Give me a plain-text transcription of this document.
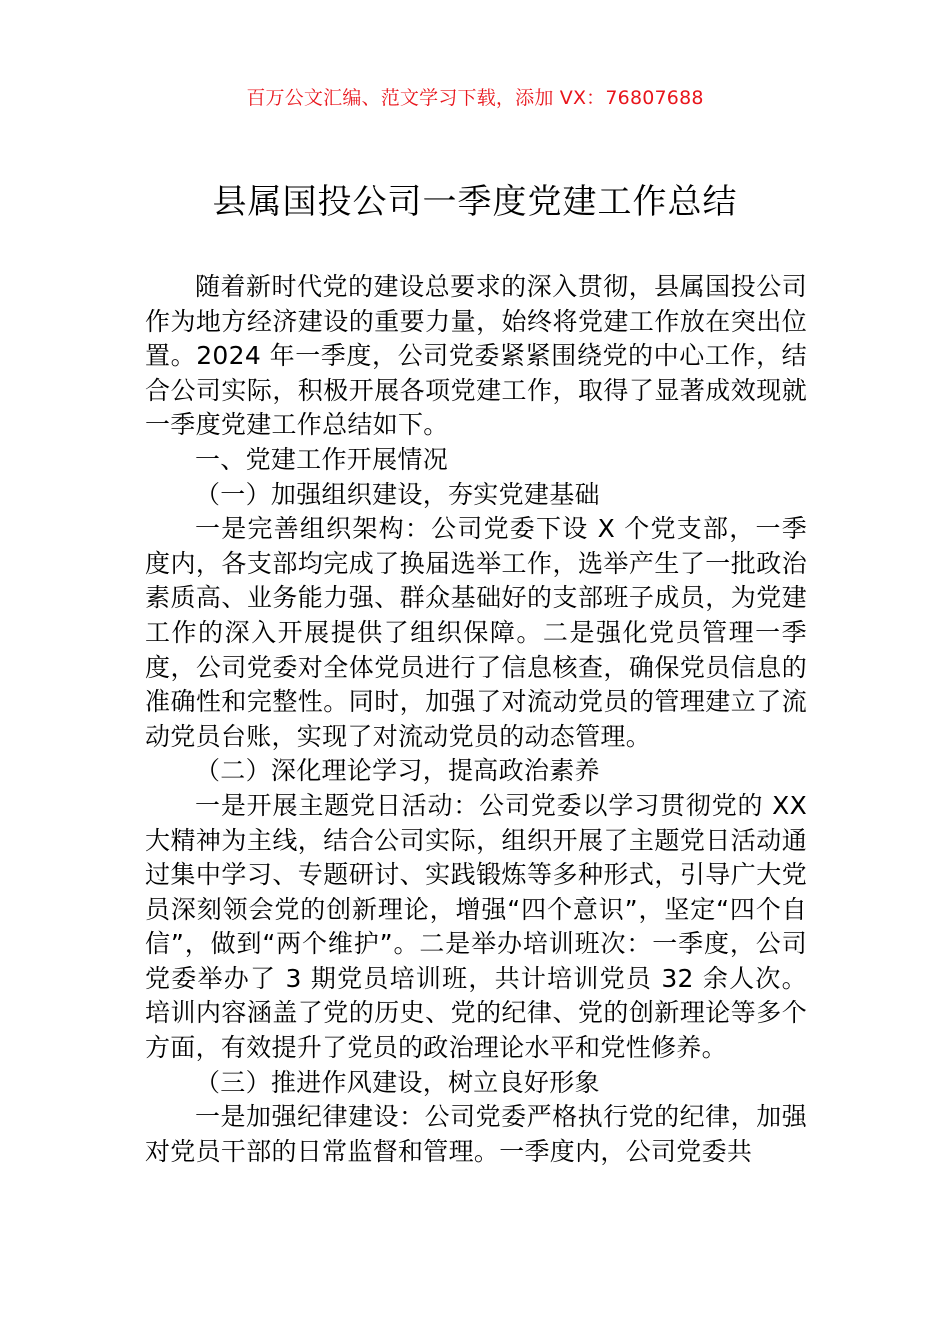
百万公文汇编、范文学习下载，添加 VX：76807688
县属国投公司一季度党建工作总结

随着新时代党的建设总要求的深入贯彻，县属国投公司作为地方经济建设的重要力量，始终将党建工作放在突出位置。2024 年一季度，公司党委紧紧围绕党的中心工作，结合公司实际，积极开展各项党建工作，取得了显著成效现就一季度党建工作总结如下。

一、党建工作开展情况

（一）加强组织建设，夯实党建基础

一是完善组织架构：公司党委下设 X 个党支部，一季度内，各支部均完成了换届选举工作，选举产生了一批政治素质高、业务能力强、群众基础好的支部班子成员，为党建工作的深入开展提供了组织保障。二是强化党员管理一季度，公司党委对全体党员进行了信息核查，确保党员信息的准确性和完整性。同时，加强了对流动党员的管理建立了流动党员台账，实现了对流动党员的动态管理。

（二）深化理论学习，提高政治素养

一是开展主题党日活动：公司党委以学习贯彻党的 XX 大精神为主线，结合公司实际，组织开展了主题党日活动通过集中学习、专题研讨、实践锻炼等多种形式，引导广大党员深刻领会党的创新理论，增强“四个意识”，坚定“四个自信”，做到“两个维护”。二是举办培训班次：一季度，公司党委举办了 3 期党员培训班，共计培训党员 32 余人次。培训内容涵盖了党的历史、党的纪律、党的创新理论等多个方面，有效提升了党员的政治理论水平和党性修养。

（三）推进作风建设，树立良好形象

一是加强纪律建设：公司党委严格执行党的纪律，加强对党员干部的日常监督和管理。一季度内，公司党委共
